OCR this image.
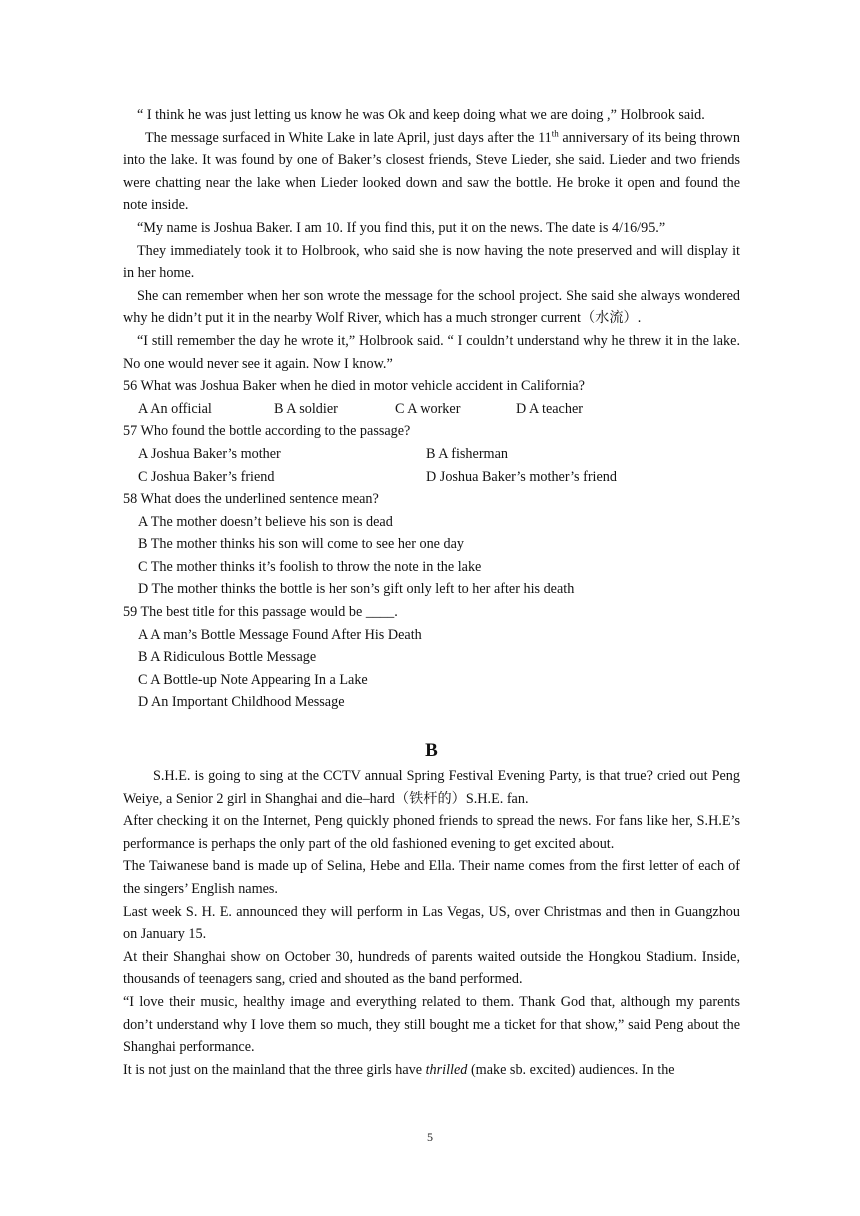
“ I think he was just letting us know he was Ok and keep doing what we are doing ,” Holbrook said.

The message surfaced in White Lake in late April, just days after the 11th anniversary of its being thrown into the lake. It was found by one of Baker’s closest friends, Steve Lieder, she said. Lieder and two friends were chatting near the lake when Lieder looked down and saw the bottle. He broke it open and found the note inside.

“My name is Joshua Baker. I am 10. If you find this, put it on the news. The date is 4/16/95.”

They immediately took it to Holbrook, who said she is now having the note preserved and will display it in her home.

She can remember when her son wrote the message for the school project. She said she always wondered why he didn’t put it in the nearby Wolf River, which has a much stronger current（水流）.

“I still remember the day he wrote it,” Holbrook said. “ I couldn’t understand why he threw it in the lake. No one would never see it again. Now I know.”

56 What was Joshua Baker when he died in motor vehicle accident in California?

A An official	B A soldier	C A worker	D A teacher

57 Who found the bottle according to the passage?

A Joshua Baker’s mother	B A fisherman
C Joshua Baker’s friend	D Joshua Baker’s mother’s friend

58 What does the underlined sentence mean?

A The mother doesn’t believe his son is dead
B The mother thinks his son will come to see her one day
C The mother thinks it’s foolish to throw the note in the lake
D The mother thinks the bottle is her son’s gift only left to her after his death

59 The best title for this passage would be ____.

A A man’s Bottle Message Found After His Death
B A Ridiculous Bottle Message
C A Bottle-up Note Appearing In a Lake
D An Important Childhood Message
B

S.H.E. is going to sing at the CCTV annual Spring Festival Evening Party, is that true? cried out Peng Weiye, a Senior 2 girl in Shanghai and die–hard（铁杆的）S.H.E. fan.

After checking it on the Internet, Peng quickly phoned friends to spread the news. For fans like her, S.H.E’s performance is perhaps the only part of the old fashioned evening to get excited about.

The Taiwanese band is made up of Selina, Hebe and Ella. Their name comes from the first letter of each of the singers’ English names.

Last week S. H. E. announced they will perform in Las Vegas, US, over Christmas and then in Guangzhou on January 15.

At their Shanghai show on October 30, hundreds of parents waited outside the Hongkou Stadium. Inside, thousands of teenagers sang, cried and shouted as the band performed.

“I love their music, healthy image and everything related to them. Thank God that, although my parents don’t understand why I love them so much, they still bought me a ticket for that show,” said Peng about the Shanghai performance.

It is not just on the mainland that the three girls have thrilled (make sb. excited) audiences. In the

5
